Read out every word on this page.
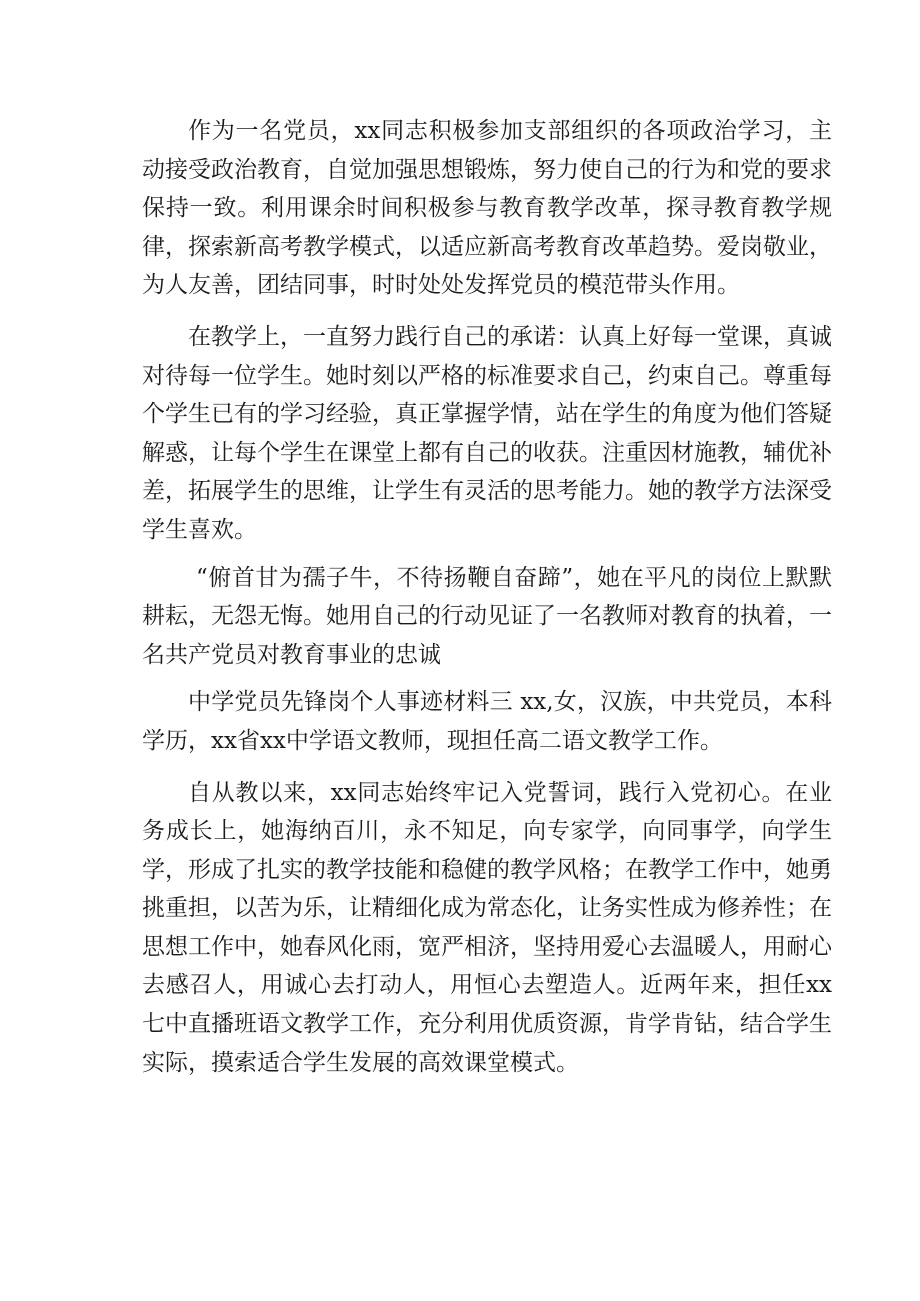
作为一名党员，xx同志积极参加支部组织的各项政治学习，主动接受政治教育，自觉加强思想锻炼，努力使自己的行为和党的要求保持一致。利用课余时间积极参与教育教学改革，探寻教育教学规律，探索新高考教学模式，以适应新高考教育改革趋势。爱岗敬业，为人友善，团结同事，时时处处发挥党员的模范带头作用。

在教学上，一直努力践行自己的承诺：认真上好每一堂课，真诚对待每一位学生。她时刻以严格的标准要求自己，约束自己。尊重每个学生已有的学习经验，真正掌握学情，站在学生的角度为他们答疑解惑，让每个学生在课堂上都有自己的收获。注重因材施教，辅优补差，拓展学生的思维，让学生有灵活的思考能力。她的教学方法深受学生喜欢。

“俯首甘为孺子牛，不待扬鞭自奋蹄”，她在平凡的岗位上默默耕耘，无怨无悔。她用自己的行动见证了一名教师对教育的执着，一名共产党员对教育事业的忠诚

中学党员先锋岗个人事迹材料三 xx,女，汉族，中共党员，本科学历，xx省xx中学语文教师，现担任高二语文教学工作。

自从教以来，xx同志始终牢记入党誓词，践行入党初心。在业务成长上，她海纳百川，永不知足，向专家学，向同事学，向学生学，形成了扎实的教学技能和稳健的教学风格；在教学工作中，她勇挑重担，以苦为乐，让精细化成为常态化，让务实性成为修养性；在思想工作中，她春风化雨，宽严相济，坚持用爱心去温暖人，用耐心去感召人，用诚心去打动人，用恒心去塑造人。近两年来，担任xx七中直播班语文教学工作，充分利用优质资源，肯学肯钻，结合学生实际，摸索适合学生发展的高效课堂模式。
